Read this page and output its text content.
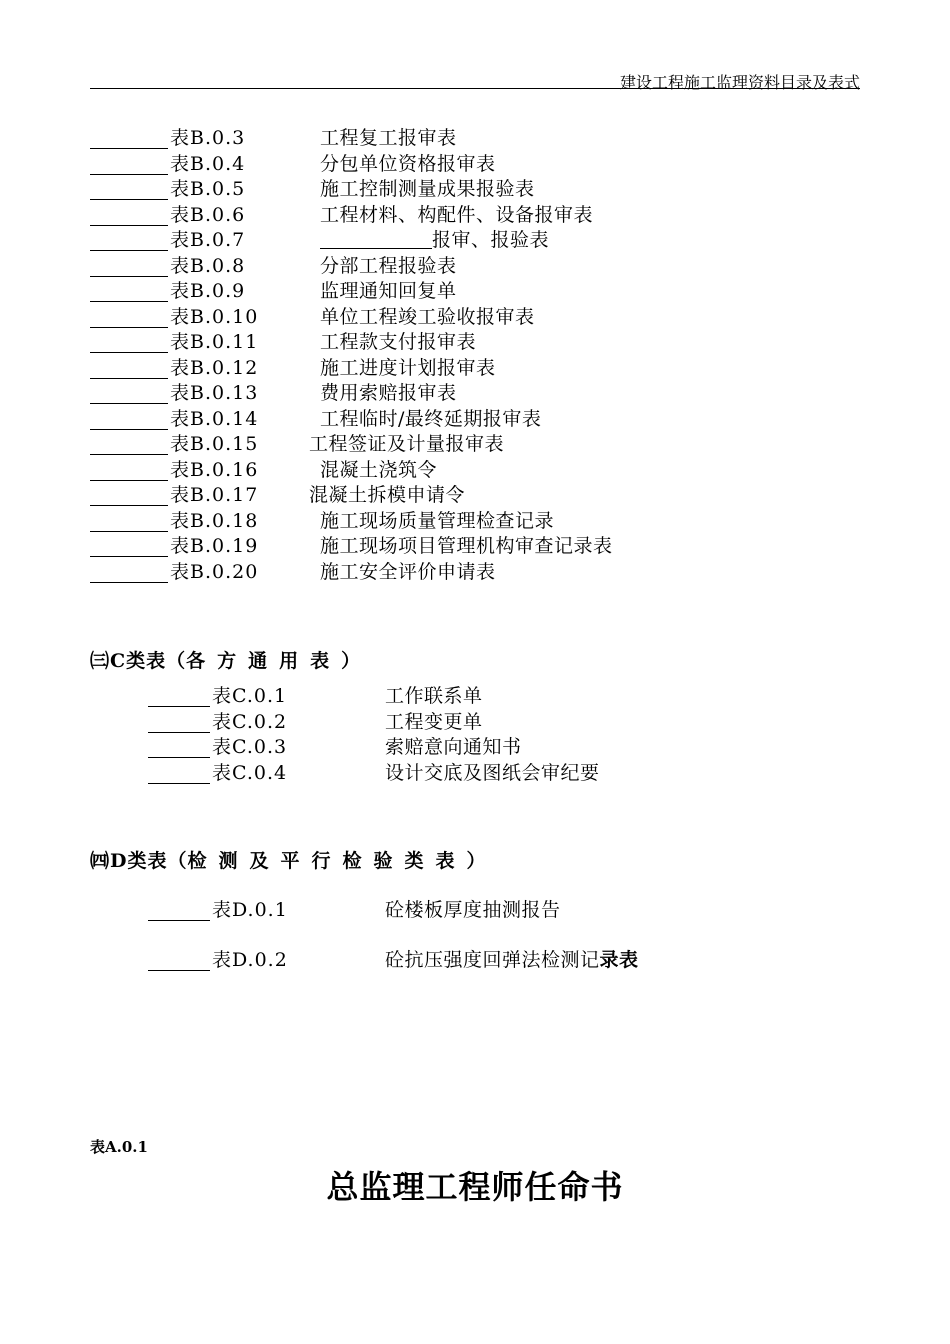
建设工程施工监理资料目录及表式
表B.0.3	工程复工报审表
表B.0.4	分包单位资格报审表
表B.0.5	施工控制测量成果报验表
表B.0.6	工程材料、构配件、设备报审表
表B.0.7	报审、报验表
表B.0.8	分部工程报验表
表B.0.9	监理通知回复单
表B.0.10	单位工程竣工验收报审表
表B.0.11	工程款支付报审表
表B.0.12	施工进度计划报审表
表B.0.13	费用索赔报审表
表B.0.14	工程临时/最终延期报审表
表B.0.15	工程签证及计量报审表
表B.0.16	混凝土浇筑令
表B.0.17	混凝土拆模申请令
表B.0.18	施工现场质量管理检查记录
表B.0.19	施工现场项目管理机构审查记录表
表B.0.20	施工安全评价申请表
㈢C类表（各方通用表）
表C.0.1	工作联系单
表C.0.2	工程变更单
表C.0.3	索赔意向通知书
表C.0.4	设计交底及图纸会审纪要
㈣D类表（检测及平行检验类表）
表D.0.1	砼楼板厚度抽测报告
表D.0.2	砼抗压强度回弹法检测记录表
表A.0.1
总监理工程师任命书
